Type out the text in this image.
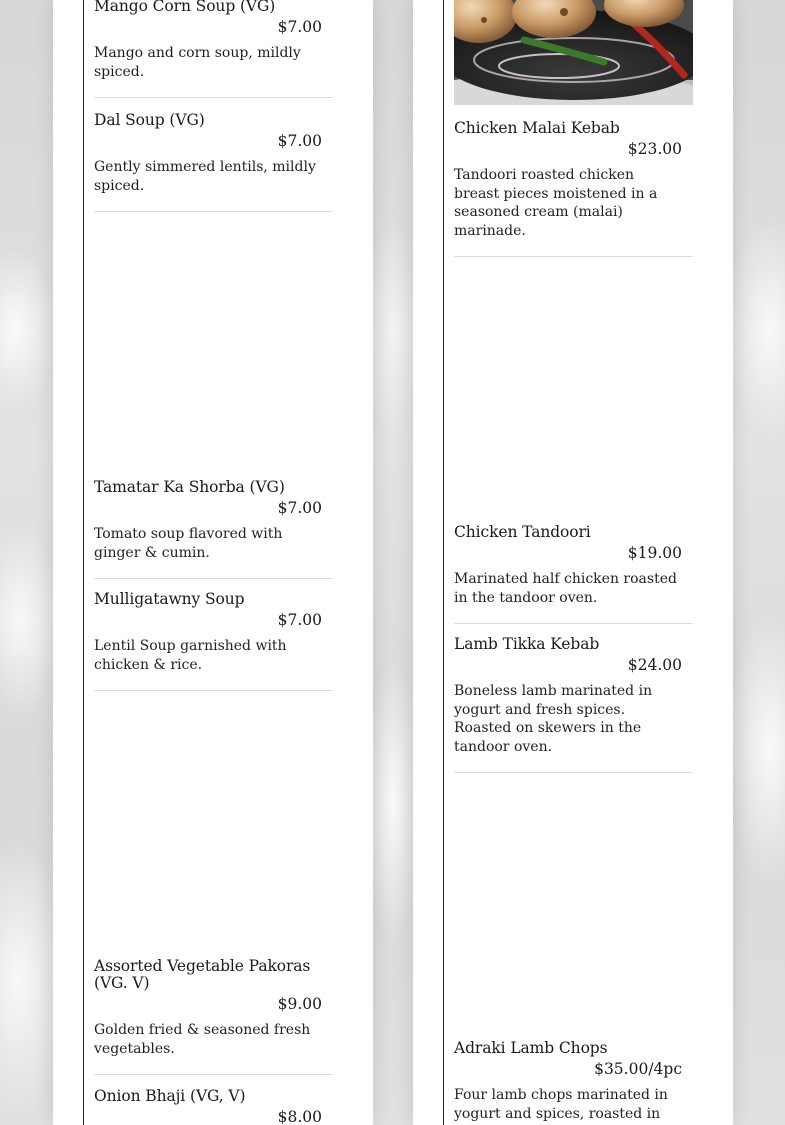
Mango Corn Soup (VG)
$7.00
Mango and corn soup, mildly spiced.
Dal Soup (VG)
$7.00
Gently simmered lentils, mildly spiced.
Tamatar Ka Shorba (VG)
$7.00
Tomato soup flavored with ginger & cumin.
Mulligatawny Soup
$7.00
Lentil Soup garnished with chicken & rice.
Assorted Vegetable Pakoras (VG. V)
$9.00
Golden fried & seasoned fresh vegetables.
Onion Bhaji (VG, V)
$8.00
Chicken Malai Kebab
$23.00
Tandoori roasted chicken breast pieces moistened in a seasoned cream (malai) marinade.
Chicken Tandoori
$19.00
Marinated half chicken roasted in the tandoor oven.
Lamb Tikka Kebab
$24.00
Boneless lamb marinated in yogurt and fresh spices. Roasted on skewers in the tandoor oven.
Adraki Lamb Chops
$35.00/4pc
Four lamb chops marinated in yogurt and spices, roasted in
